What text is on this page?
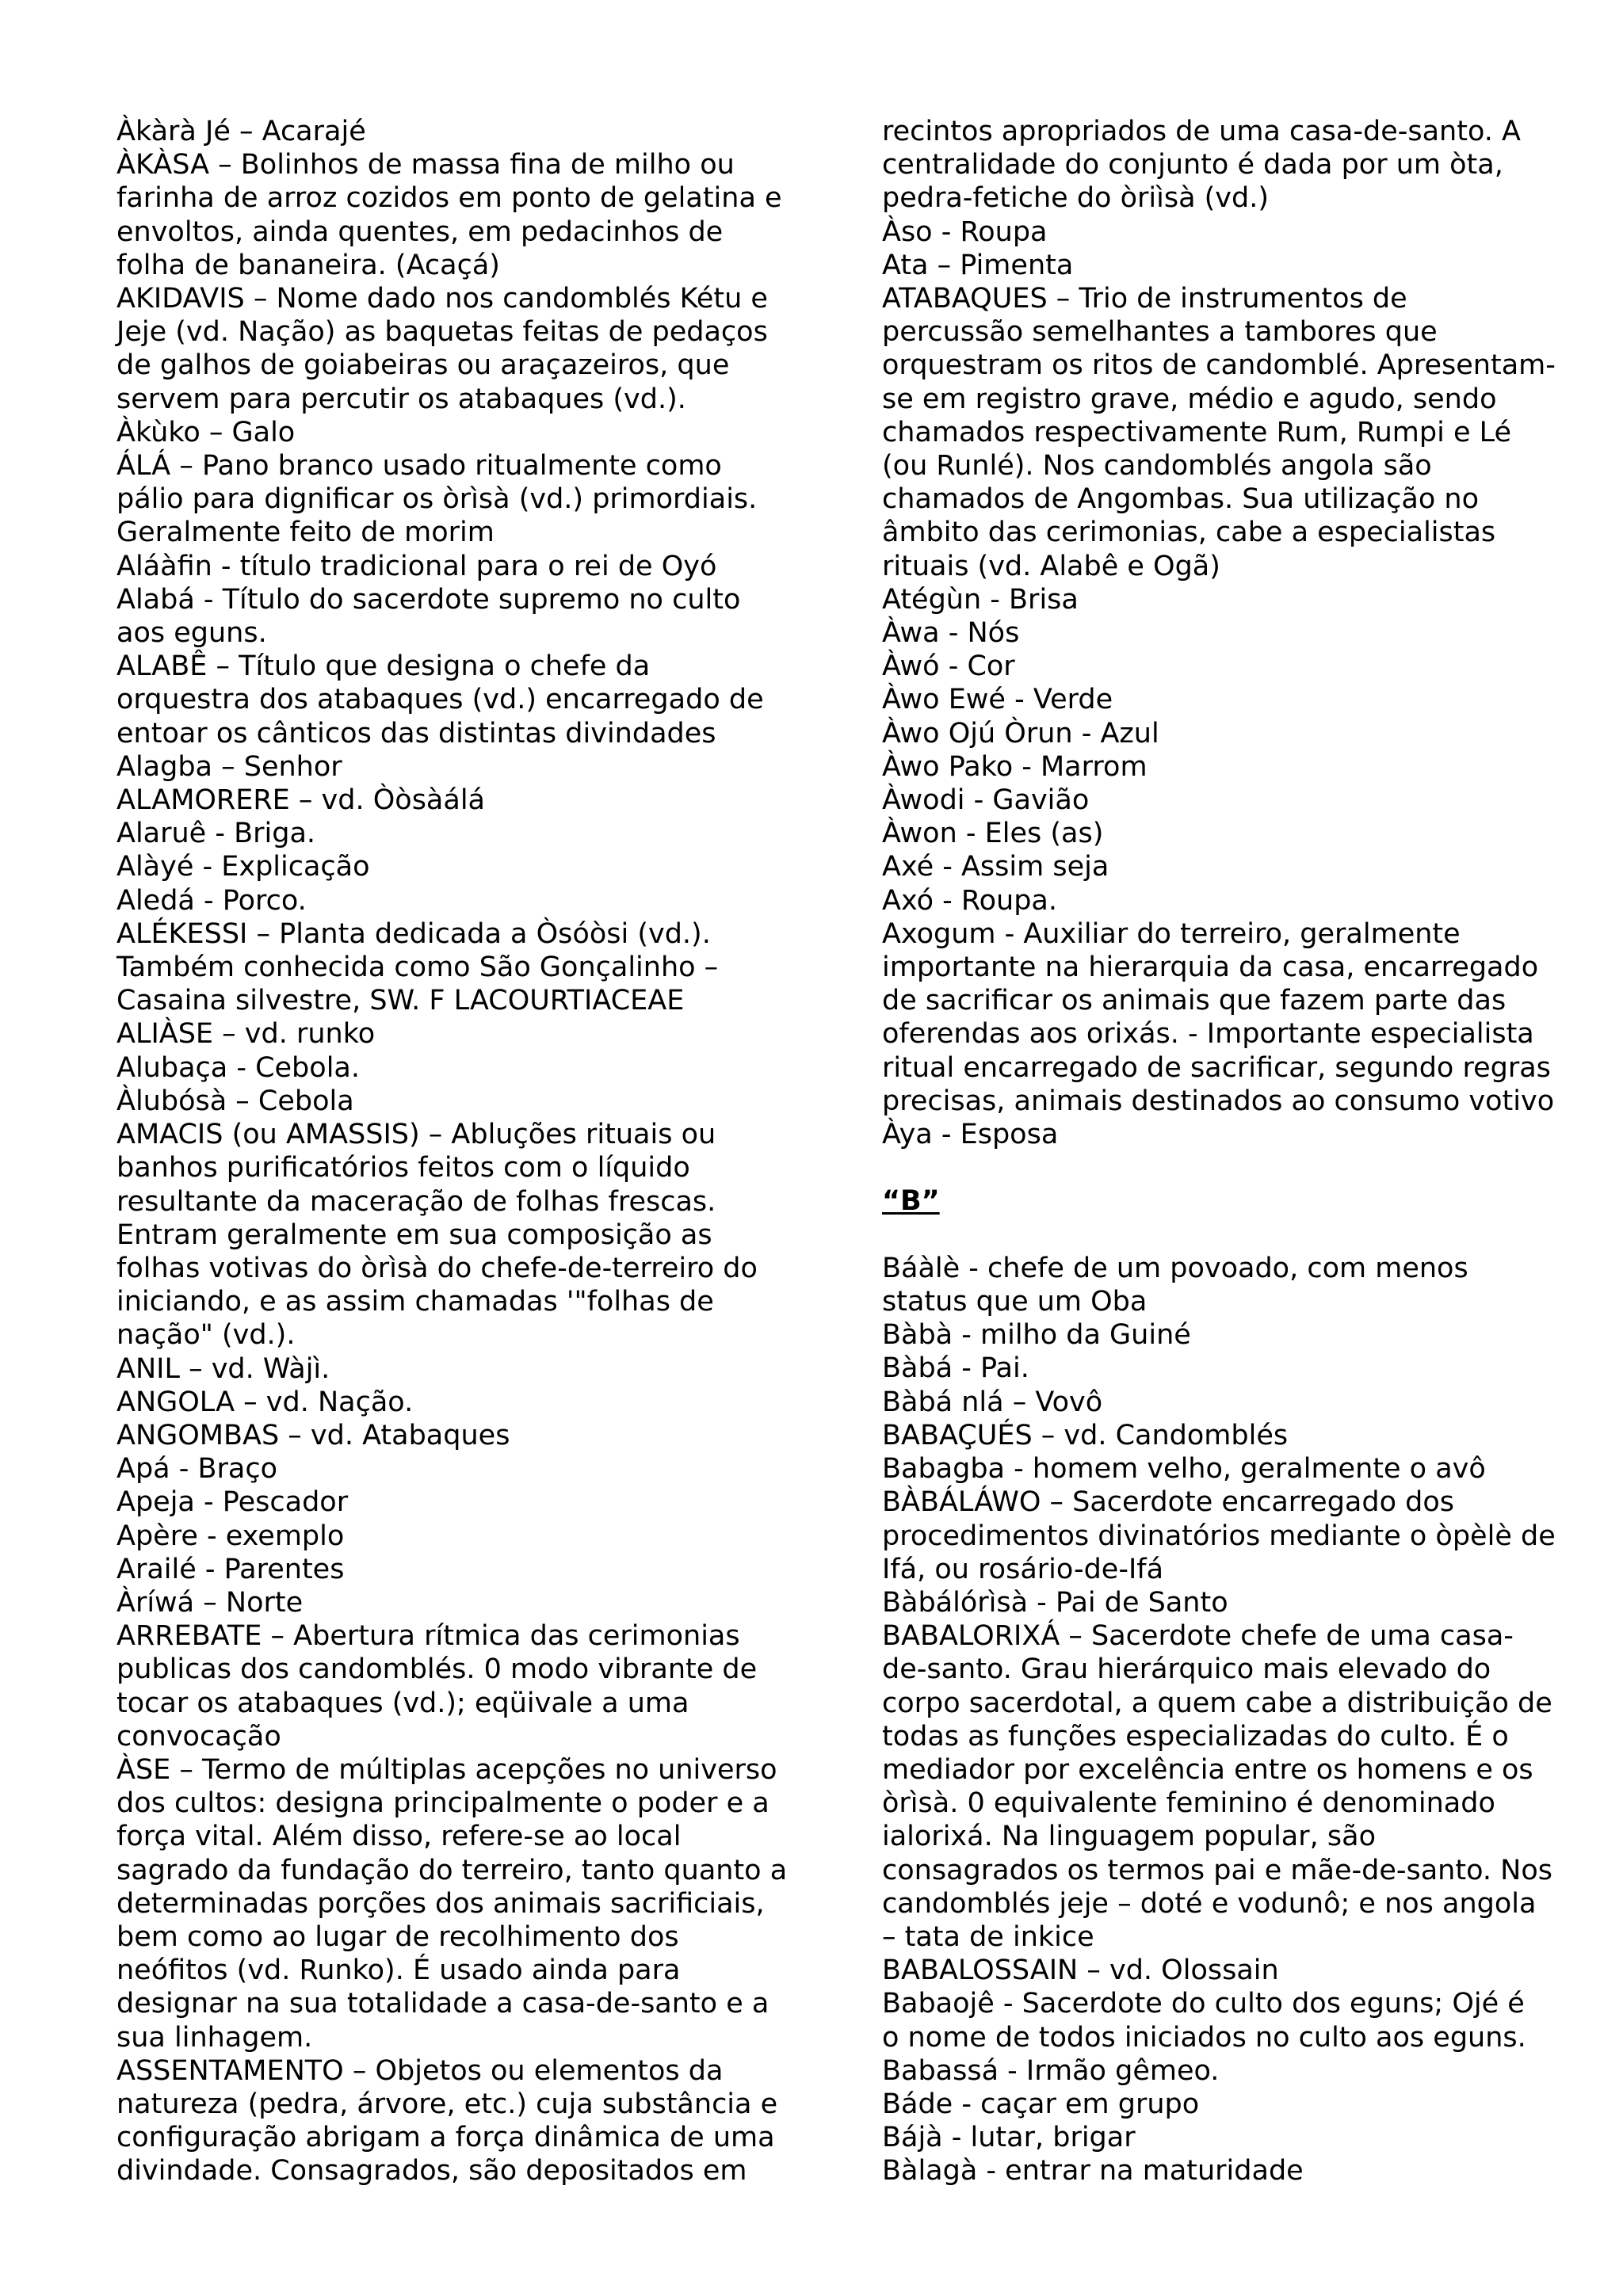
Àkàrà Jé – Acarajé
ÀKÀSA – Bolinhos de massa fina de milho ou
farinha de arroz cozidos em ponto de gelatina e
envoltos, ainda quentes, em pedacinhos de
folha de bananeira. (Acaçá)
AKIDAVIS – Nome dado nos candomblés Kétu e
Jeje (vd. Nação) as baquetas feitas de pedaços
de galhos de goiabeiras ou araçazeiros, que
servem para percutir os atabaques (vd.).
Àkùko – Galo
ÁLÁ – Pano branco usado ritualmente como
pálio para dignificar os òrìsà (vd.) primordiais.
Geralmente feito de morim
Aláàfin - título tradicional para o rei de Oyó
Alabá - Título do sacerdote supremo no culto
aos eguns.
ALABÊ – Título que designa o chefe da
orquestra dos atabaques (vd.) encarregado de
entoar os cânticos das distintas divindades
Alagba – Senhor
ALAMORERE – vd. Òòsàálá
Alaruê - Briga.
Alàyé - Explicação
Aledá - Porco.
ALÉKESSI – Planta dedicada a Òsóòsi (vd.).
Também conhecida como São Gonçalinho –
Casaina silvestre, SW. F LACOURTIACEAE
ALIÀSE – vd. runko
Alubaça - Cebola.
Àlubósà – Cebola
AMACIS (ou AMASSIS) – Abluções rituais ou
banhos purificatórios feitos com o líquido
resultante da maceração de folhas frescas.
Entram geralmente em sua composição as
folhas votivas do òrìsà do chefe-de-terreiro do
iniciando, e as assim chamadas '"folhas de
nação" (vd.).
ANIL – vd. Wàjì.
ANGOLA – vd. Nação.
ANGOMBAS – vd. Atabaques
Apá - Braço
Apeja - Pescador
Apère - exemplo
Arailé - Parentes
Àríwá – Norte
ARREBATE – Abertura rítmica das cerimonias
publicas dos candomblés. 0 modo vibrante de
tocar os atabaques (vd.); eqüivale a uma
convocação
ÀSE – Termo de múltiplas acepções no universo
dos cultos: designa principalmente o poder e a
força vital. Além disso, refere-se ao local
sagrado da fundação do terreiro, tanto quanto a
determinadas porções dos animais sacrificiais,
bem como ao lugar de recolhimento dos
neófitos (vd. Runko). É usado ainda para
designar na sua totalidade a casa-de-santo e a
sua linhagem.
ASSENTAMENTO – Objetos ou elementos da
natureza (pedra, árvore, etc.) cuja substância e
configuração abrigam a força dinâmica de uma
divindade. Consagrados, são depositados em
recintos apropriados de uma casa-de-santo. A
centralidade do conjunto é dada por um òta,
pedra-fetiche do òriìsà (vd.)
Àso - Roupa
Ata – Pimenta
ATABAQUES – Trio de instrumentos de
percussão semelhantes a tambores que
orquestram os ritos de candomblé. Apresentam-
se em registro grave, médio e agudo, sendo
chamados respectivamente Rum, Rumpi e Lé
(ou Runlé). Nos candomblés angola são
chamados de Angombas. Sua utilização no
âmbito das cerimonias, cabe a especialistas
rituais (vd. Alabê e Ogã)
Atégùn - Brisa
Àwa - Nós
Àwó - Cor
Àwo Ewé - Verde
Àwo Ojú Òrun - Azul
Àwo Pako - Marrom
Àwodi - Gavião
Àwon - Eles (as)
Axé - Assim seja
Axó - Roupa.
Axogum - Auxiliar do terreiro, geralmente
importante na hierarquia da casa, encarregado
de sacrificar os animais que fazem parte das
oferendas aos orixás. - Importante especialista
ritual encarregado de sacrificar, segundo regras
precisas, animais destinados ao consumo votivo
Àya - Esposa
“B”
Báàlè - chefe de um povoado, com menos
status que um Oba
Bàbà - milho da Guiné
Bàbá - Pai.
Bàbá nlá – Vovô
BABAÇUÉS – vd. Candomblés
Babagba - homem velho, geralmente o avô
BÀBÁLÁWO – Sacerdote encarregado dos
procedimentos divinatórios mediante o òpèlè de
Ifá, ou rosário-de-Ifá
Bàbálórìsà - Pai de Santo
BABALORIXÁ – Sacerdote chefe de uma casa-
de-santo. Grau hierárquico mais elevado do
corpo sacerdotal, a quem cabe a distribuição de
todas as funções especializadas do culto. É o
mediador por excelência entre os homens e os
òrìsà. 0 equivalente feminino é denominado
ialorixá. Na linguagem popular, são
consagrados os termos pai e mãe-de-santo. Nos
candomblés jeje – doté e vodunô; e nos angola
– tata de inkice
BABALOSSAIN – vd. Olossain
Babaojê - Sacerdote do culto dos eguns; Ojé é
o nome de todos iniciados no culto aos eguns.
Babassá - Irmão gêmeo.
Báde - caçar em grupo
Bájà - lutar, brigar
Bàlagà - entrar na maturidade
